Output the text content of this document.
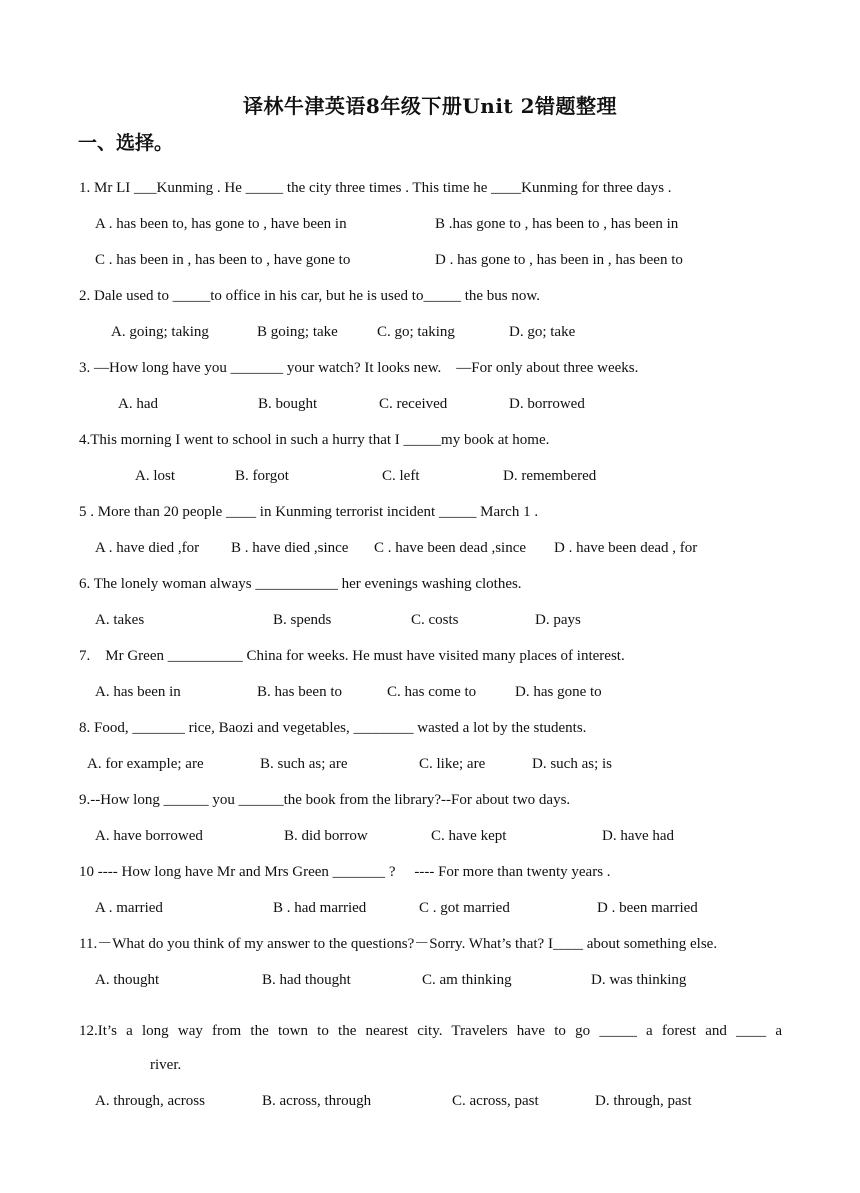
译林牛津英语8年级下册Unit 2错题整理
一、选择。
1. Mr LI ___Kunming . He _____ the city three times . This time he ____Kunming for three days .
A . has been to, has gone to , have been in	B .has gone to , has been to , has been in
C . has been in , has been to , have gone to	D . has gone to , has been in , has been to
2. Dale used to _____to office in his car, but he is used to_____ the bus now.
A. going; taking	B going; take	C. go; taking	D. go; take
3. —How long have you _______ your watch? It looks new.    —For only about three weeks.
A. had	B. bought	C. received	D. borrowed
4.This morning I went to school in such a hurry that I _____my book at home.
A. lost	B. forgot	C. left	D. remembered
5 . More than 20 people ____ in Kunming terrorist incident _____ March 1 .
A . have died ,for B . have died ,since C . have been dead ,since D . have been dead , for
6. The lonely woman always ___________ her evenings washing clothes.
A. takes	B. spends	C. costs	D. pays
7.    Mr Green __________ China for weeks. He must have visited many places of interest.
A. has been in	B. has been to	C. has come to	D. has gone to
8. Food, _______ rice, Baozi and vegetables, ________ wasted a lot by the students.
A. for example; are	B. such as; are	C. like; are	D. such as; is
9.--How long ______ you ______the book from the library?--For about two days.
A. have borrowed	B. did borrow	C. have kept	D. have had
10 ---- How long have Mr and Mrs Green _______ ?     ---- For more than twenty years .
A . married	B . had married	C . got married	D . been married
11.－What do you think of my answer to the questions?－Sorry. What’s that? I____ about something else.
A. thought	B. had thought	C. am thinking	D. was thinking
12.It’s a long way from the town to the nearest city. Travelers have to go _____ a forest and ____ a
river.
A. through, across	B. across, through	C. across, past	D. through, past
